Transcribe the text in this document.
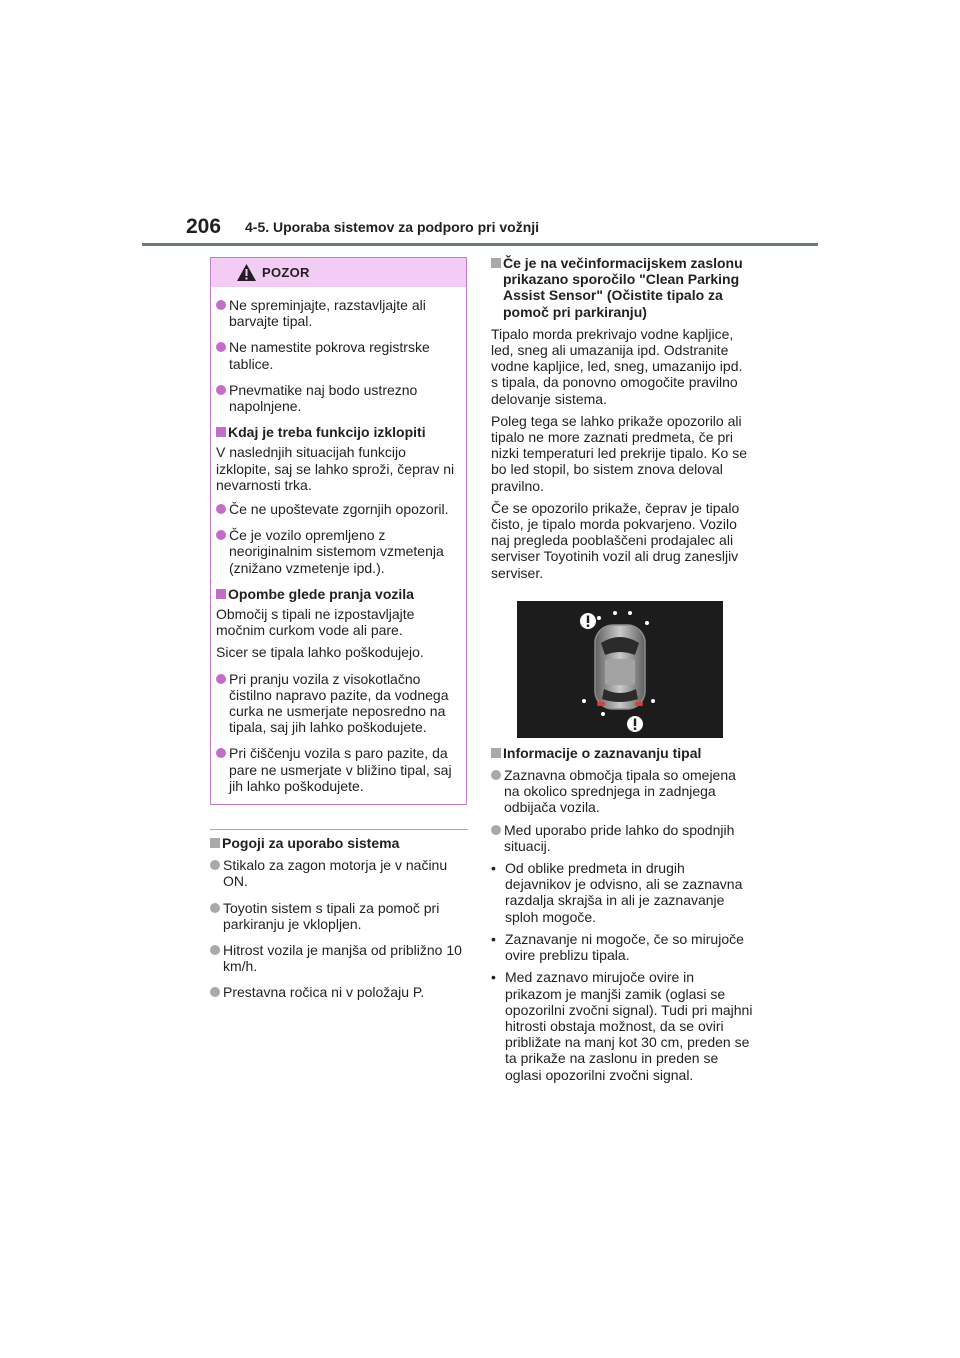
206 4-5. Uporaba sistemov za podporo pri vožnji
POZOR
Ne spreminjajte, razstavljajte ali barvajte tipal.
Ne namestite pokrova registrske tablice.
Pnevmatike naj bodo ustrezno napolnjene.
Kdaj je treba funkcijo izklopiti

V naslednjih situacijah funkcijo izklopite, saj se lahko sproži, čeprav ni nevarnosti trka.

Če ne upoštevate zgornjih opozoril.
Če je vozilo opremljeno z neoriginalnim sistemom vzmetenja (znižano vzmetenje ipd.).
Opombe glede pranja vozila

Območij s tipali ne izpostavljajte močnim curkom vode ali pare.

Sicer se tipala lahko poškodujejo.

Pri pranju vozila z visokotlačno čistilno napravo pazite, da vodnega curka ne usmerjate neposredno na tipala, saj jih lahko poškodujete.
Pri čiščenju vozila s paro pazite, da pare ne usmerjate v bližino tipal, saj jih lahko poškodujete.
Pogoji za uporabo sistema
Stikalo za zagon motorja je v načinu ON.
Toyotin sistem s tipali za pomoč pri parkiranju je vklopljen.
Hitrost vozila je manjša od približno 10 km/h.
Prestavna ročica ni v položaju P.
Če je na večinformacijskem zaslonu prikazano sporočilo "Clean Parking Assist Sensor" (Očistite tipalo za pomoč pri parkiranju)

Tipalo morda prekrivajo vodne kapljice, led, sneg ali umazanija ipd. Odstranite vodne kapljice, led, sneg, umazanijo ipd. s tipala, da ponovno omogočite pravilno delovanje sistema.

Poleg tega se lahko prikaže opozorilo ali tipalo ne more zaznati predmeta, če pri nizki temperaturi led prekrije tipalo. Ko se bo led stopil, bo sistem znova deloval pravilno.

Če se opozorilo prikaže, čeprav je tipalo čisto, je tipalo morda pokvarjeno. Vozilo naj pregleda pooblaščeni prodajalec ali serviser Toyotinih vozil ali drug zanesljiv serviser.

Informacije o zaznavanju tipal
Zaznavna območja tipala so omejena na okolico sprednjega in zadnjega odbijača vozila.
Med uporabo pride lahko do spodnjih situacij.
• Od oblike predmeta in drugih dejavnikov je odvisno, ali se zaznavna razdalja skrajša in ali je zaznavanje sploh mogoče.
• Zaznavanje ni mogoče, če so mirujoče ovire preblizu tipala.
• Med zaznavo mirujoče ovire in prikazom je manjši zamik (oglasi se opozorilni zvočni signal). Tudi pri majhni hitrosti obstaja možnost, da se oviri približate na manj kot 30 cm, preden se ta prikaže na zaslonu in preden se oglasi opozorilni zvočni signal.
